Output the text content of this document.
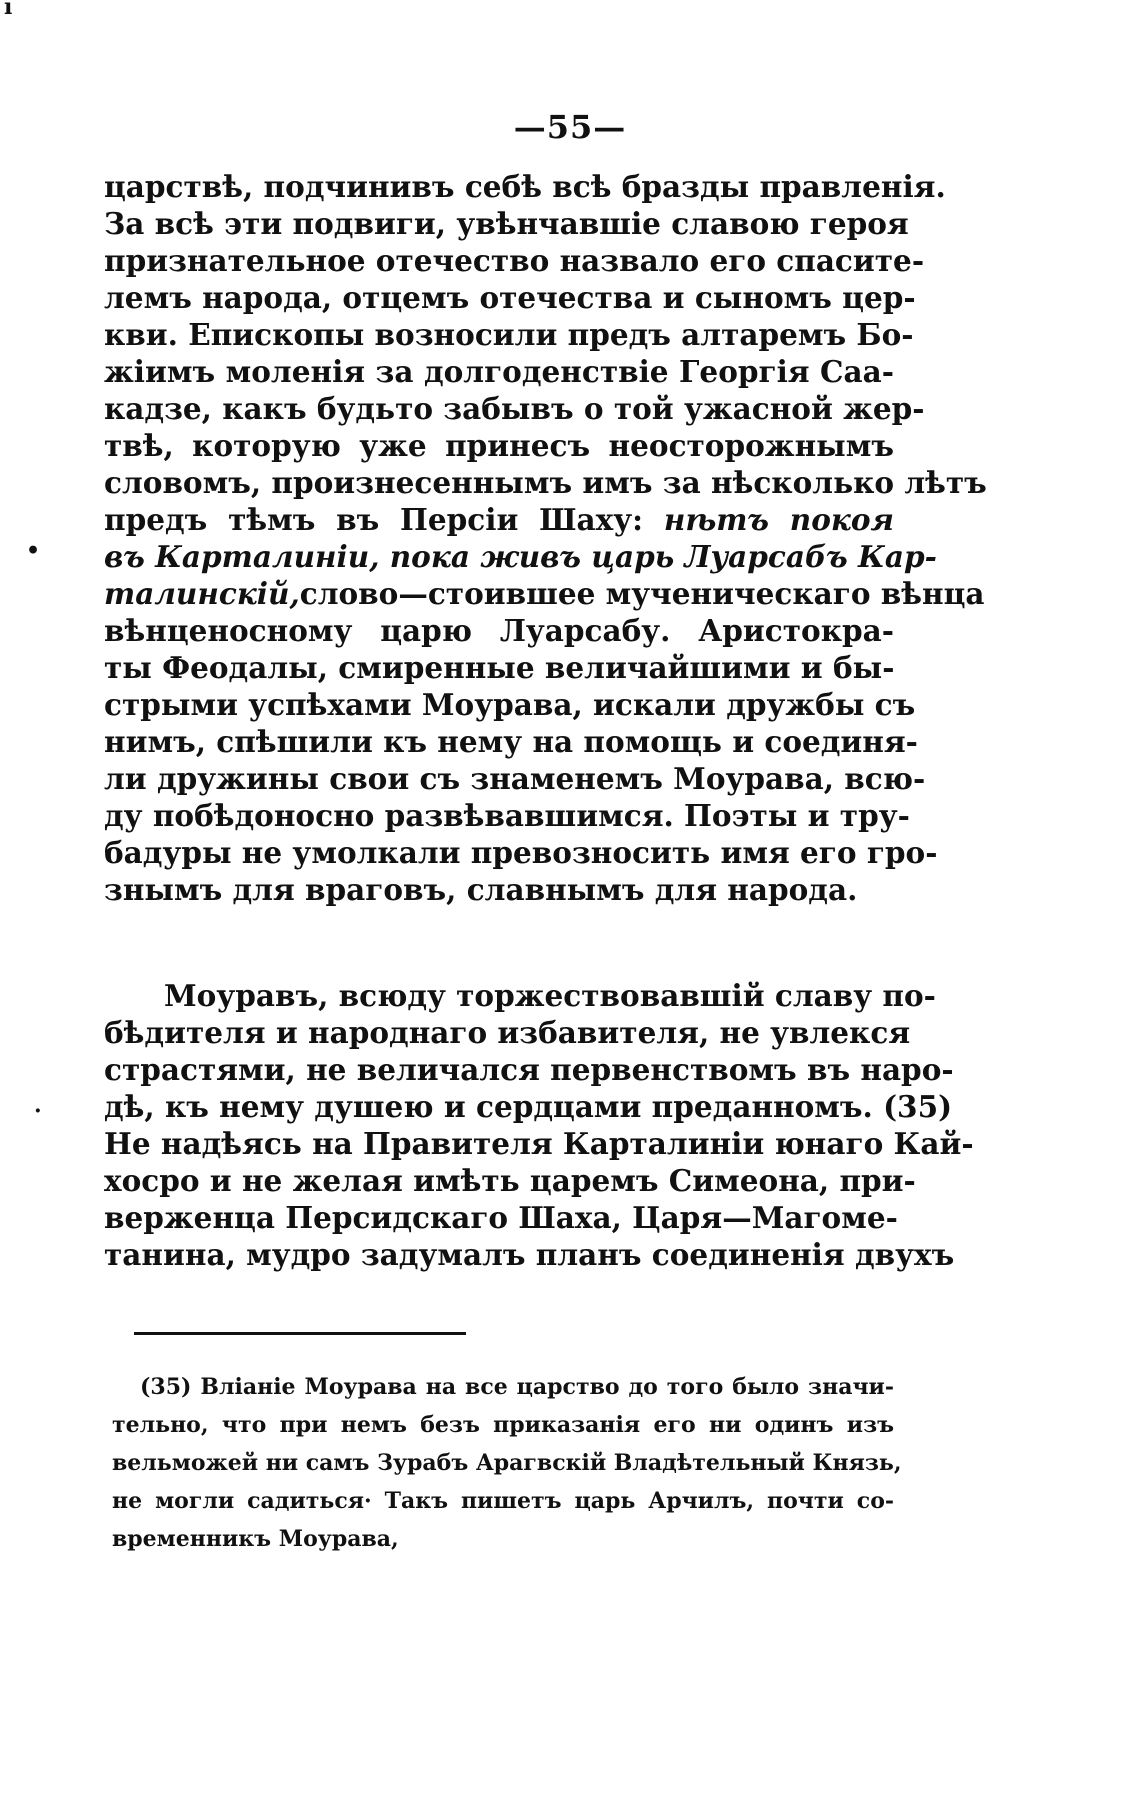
—55—
царствѣ, подчинивъ себѣ всѣ бразды правленія.
За всѣ эти подвиги, увѣнчавшіе славою героя
признательное отечество назвало его спасите-
лемъ народа, отцемъ отечества и сыномъ цер-
кви. Епископы возносили предъ алтаремъ Бо-
жіимъ моленія за долгоденствіе Георгія Саа-
кадзе, какъ будьто забывъ о той ужасной жер-
твѣ, которую уже принесъ неосторожнымъ
словомъ, произнесеннымъ имъ за нѣсколько лѣтъ
предъ тѣмъ въ Персіи Шаху: нѣтъ покоя
въ Карталиніи, пока живъ царь Луарсабъ Кар-
талинскій,слово—стоившее мученическаго вѣнца
вѣнценосному царю Луарсабу. Аристокра-
ты Феодалы, смиренные величайшими и бы-
стрыми успѣхами Моурава, искали дружбы съ
нимъ, спѣшили къ нему на помощь и соединя-
ли дружины свои съ знаменемъ Моурава, всю-
ду побѣдоносно развѣвавшимся. Поэты и тру-
бадуры не умолкали превозносить имя его гро-
знымъ для враговъ, славнымъ для народа.
Моуравъ, всюду торжествовавшій славу по-
бѣдителя и народнаго избавителя, не увлекся
страстями, не величался первенствомъ въ наро-
дѣ, къ нему душею и сердцами преданномъ. (35)
Не надѣясь на Правителя Карталиніи юнаго Кай-
хосро и не желая имѣть царемъ Симеона, при-
верженца Персидскаго Шаха, Царя—Магоме-
танина, мудро задумалъ планъ соединенія двухъ
(35) Вліаніе Моурава на все царство до того было значи-
тельно, что при немъ безъ приказанія его ни одинъ изъ
вельможей ни самъ Зурабъ Арагвскій Владѣтельный Князь,
не могли садиться· Такъ пишетъ царь Арчилъ, почти со-
временникъ Моурава,
ı
•
·
